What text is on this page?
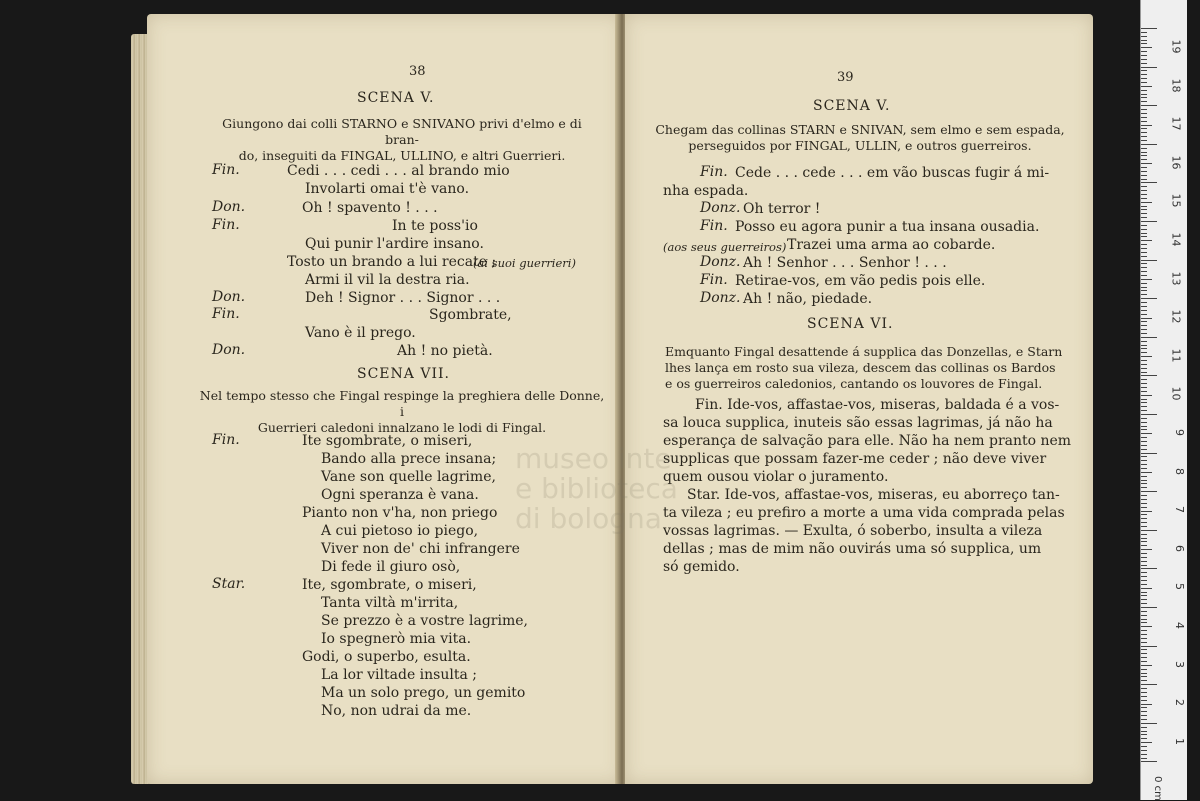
38
SCENA V.
Giungono dai colli STARNO e SNIVANO privi d'elmo e di bran-
do, inseguiti da FINGAL, ULLINO, e altri Guerrieri.
Fin.	Cedi . . . cedi . . . al brando mio
Involarti omai t'è vano.
Don.	Oh ! spavento ! . . .
Fin.	In te poss'io
Qui punir l'ardire insano.
Tosto un brando a lui recate ;
(ai suoi guerrieri)
Armi il vil la destra ria.
Don.	Deh ! Signor . . . Signor . . .
Fin.	Sgombrate,
Vano è il prego.
Don.	Ah ! no pietà.
SCENA VII.
Nel tempo stesso che Fingal respinge la preghiera delle Donne, i
Guerrieri caledoni innalzano le lodi di Fingal.
Fin.	Ite sgombrate, o miseri,
Bando alla prece insana;
Vane son quelle lagrime,
Ogni speranza è vana.
Pianto non v'ha, non priego
A cui pietoso io piego,
Viver non de' chi infrangere
Di fede il giuro osò,
Star.	Ite, sgombrate, o miseri,
Tanta viltà m'irrita,
Se prezzo è a vostre lagrime,
Io spegnerò mia vita.
Godi, o superbo, esulta.
La lor viltade insulta ;
Ma un solo prego, un gemito
No, non udrai da me.
39
SCENA V.
Chegam das collinas STARN e SNIVAN, sem elmo e sem espada,
perseguidos por FINGAL, ULLIN, e outros guerreiros.
Fin. Cede . . . cede . . . em vão buscas fugir á mi-
nha espada.
Donz. Oh terror !
Fin. Posso eu agora punir a tua insana ousadia.
(aos seus guerreiros) Trazei uma arma ao cobarde.
Donz. Ah ! Senhor . . . Senhor ! . . .
Fin. Retirae-vos, em vão pedis pois elle.
Donz. Ah ! não, piedade.
SCENA VI.
Emquanto Fingal desattende á supplica das Donzellas, e Starn
lhes lança em rosto sua vileza, descem das collinas os Bardos
e os guerreiros caledonios, cantando os louvores de Fingal.
Fin. Ide-vos, affastae-vos, miseras, baldada é a vos-
sa louca supplica, inuteis são essas lagrimas, já não ha
esperança de salvação para elle. Não ha nem pranto nem
supplicas que possam fazer-me ceder ; não deve viver
quem ousou violar o juramento.
Star. Ide-vos, affastae-vos, miseras, eu aborreço tan-
ta vileza ; eu prefiro a morte a uma vida comprada pelas
vossas lagrimas. — Exulta, ó soberbo, insulta a vileza
dellas ; mas de mim não ouvirás uma só supplica, um
só gemido.
museo inte
e biblioteca
di bologna
19
18
17
16
15
14
13
12
11
10
9
8
7
6
5
4
3
2
1
0 cm
